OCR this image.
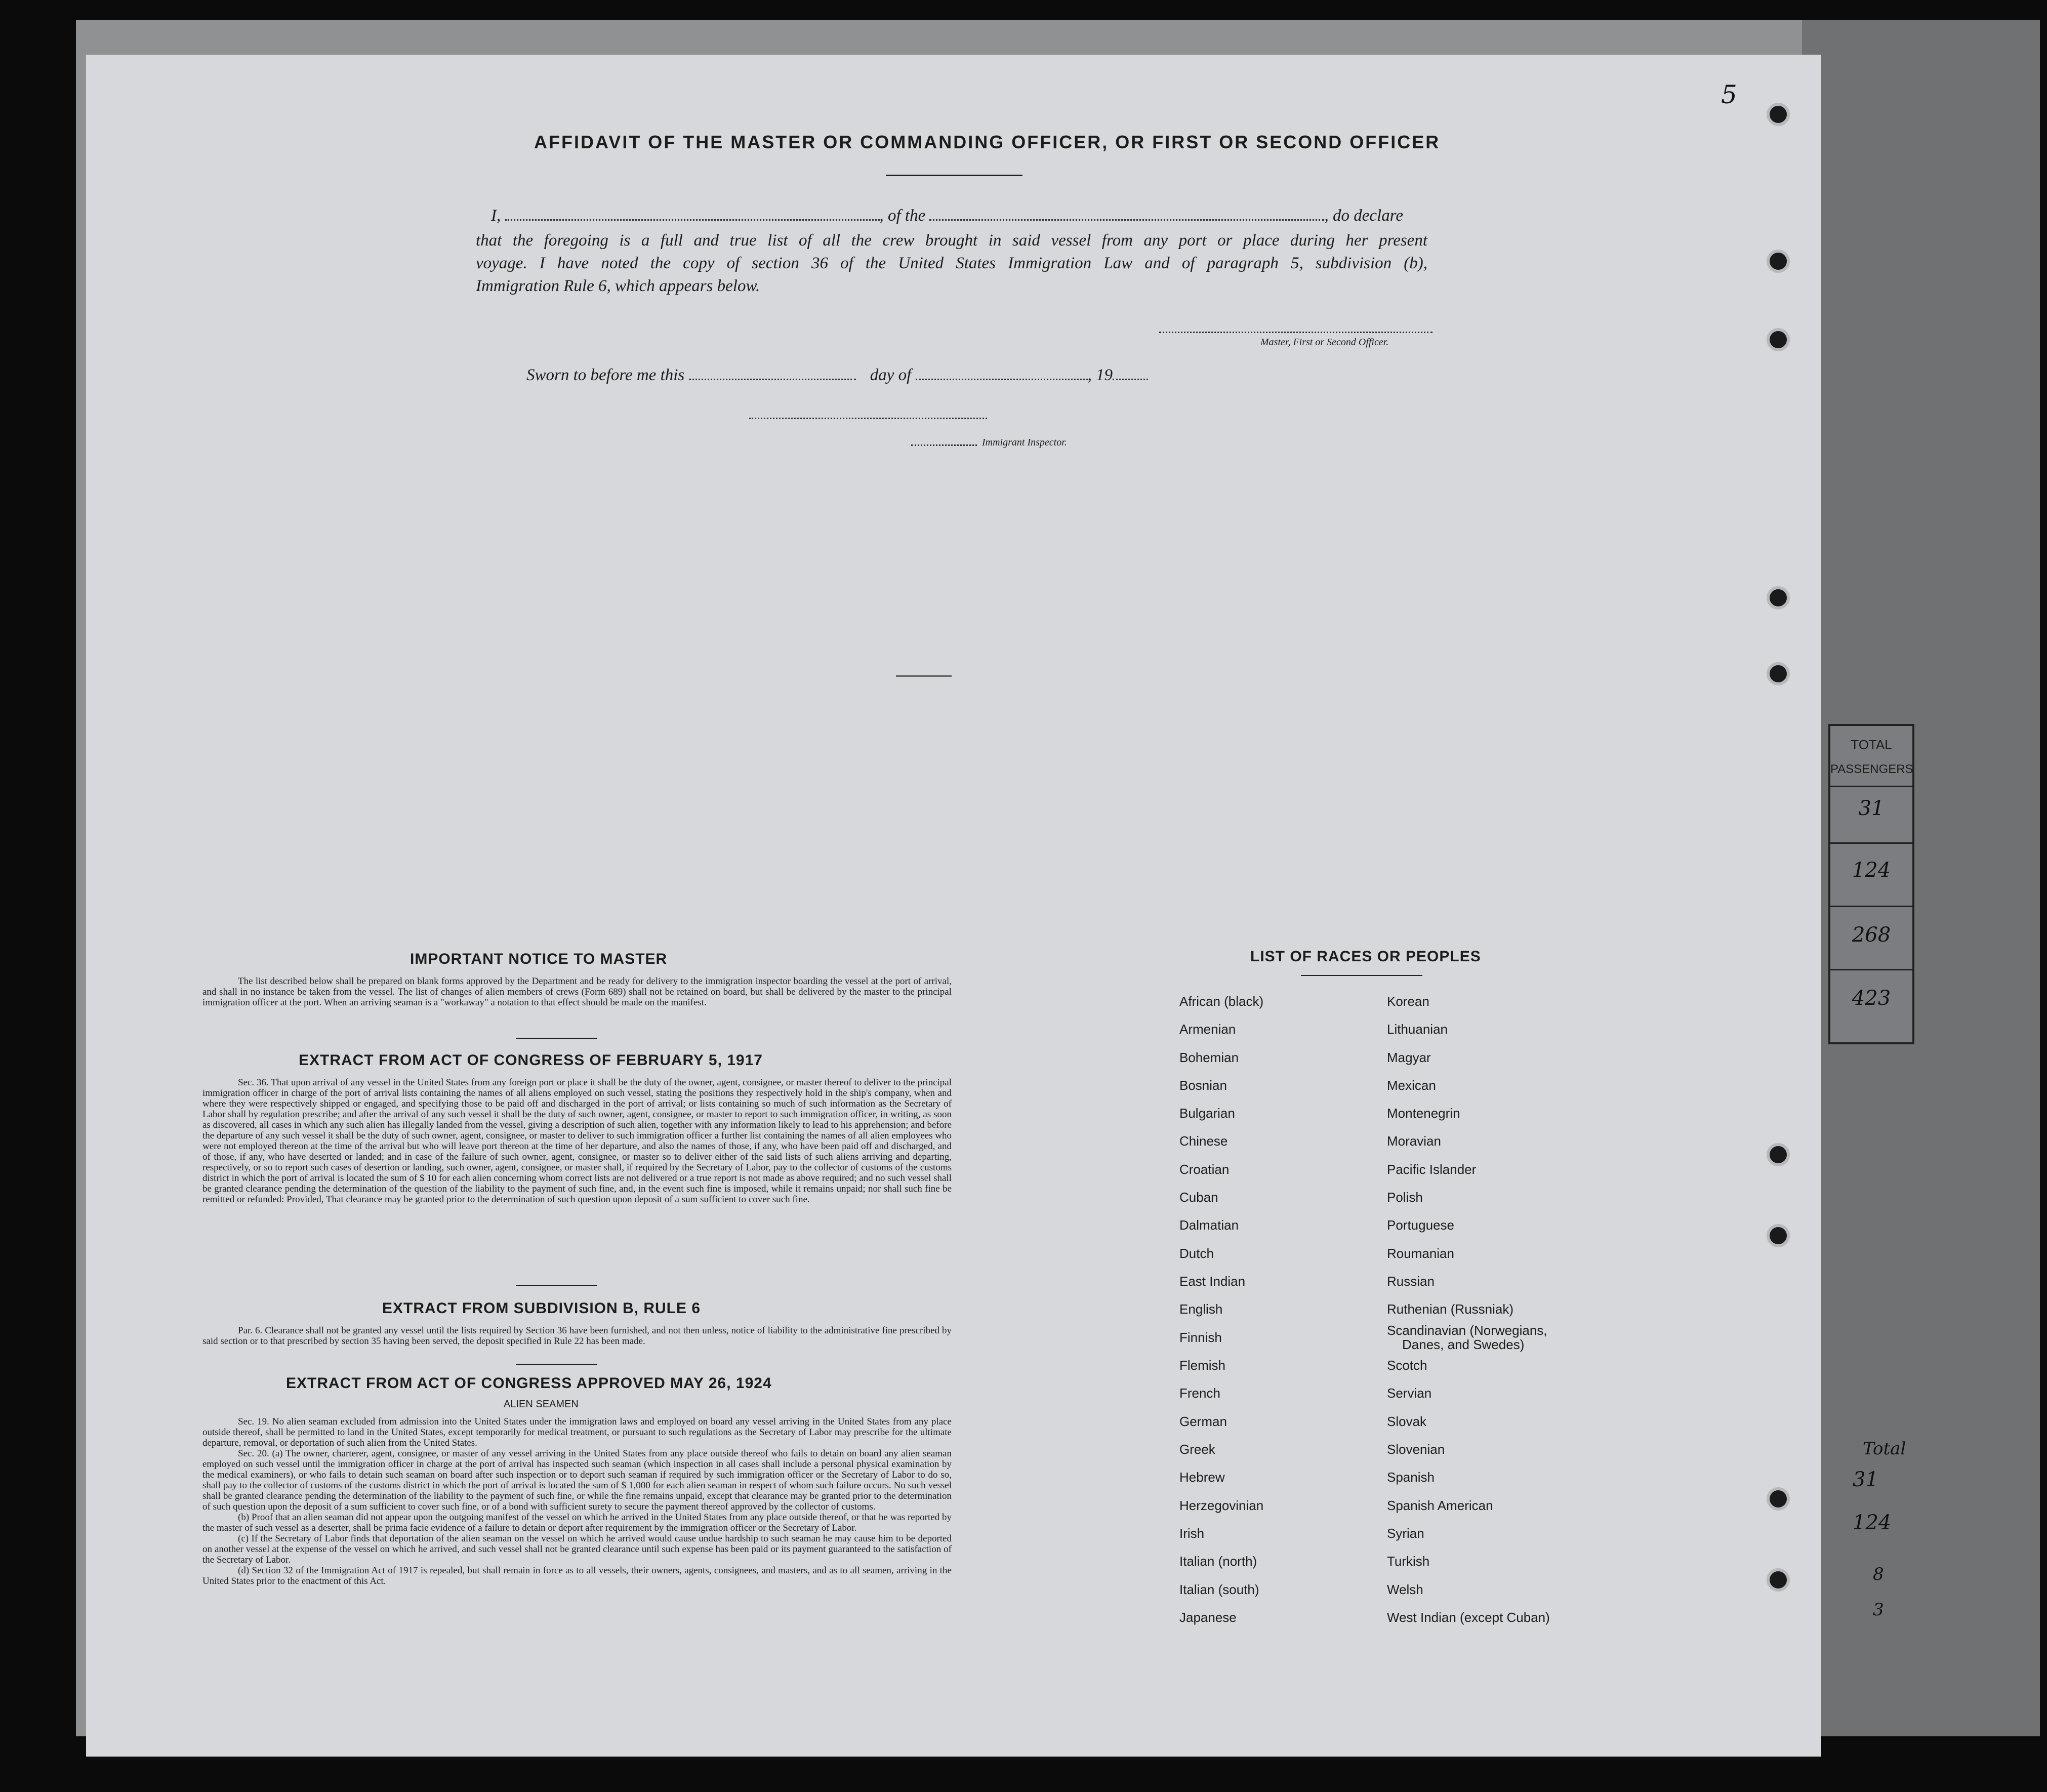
TOTAL
PASSENGERS
31
124
268
423
Total
31
124
8
3
5
AFFIDAVIT OF THE MASTER OR COMMANDING OFFICER, OR FIRST OR SECOND OFFICER
I,	, of the	, do declare
that the foregoing is a full and true list of all the crew brought in said vessel from any port or place during her present
voyage. I have noted the copy of section 36 of the United States Immigration Law and of paragraph 5, subdivision (b),
Immigration Rule 6, which appears below.
Master, First or Second Officer.
Sworn to before me this	day of	, 19
Immigrant Inspector.
IMPORTANT NOTICE TO MASTER

The list described below shall be prepared on blank forms approved by the Department and be ready for delivery to the immigration inspector boarding the vessel at the port of arrival, and shall in no instance be taken from the vessel. The list of changes of alien members of crews (Form 689) shall not be retained on board, but shall be delivered by the master to the principal immigration officer at the port. When an arriving seaman is a "workaway" a notation to that effect should be made on the manifest.

EXTRACT FROM ACT OF CONGRESS OF FEBRUARY 5, 1917

Sec. 36. That upon arrival of any vessel in the United States from any foreign port or place it shall be the duty of the owner, agent, consignee, or master thereof to deliver to the principal immigration officer in charge of the port of arrival lists containing the names of all aliens employed on such vessel, stating the positions they respectively hold in the ship's company, when and where they were respectively shipped or engaged, and specifying those to be paid off and discharged in the port of arrival; or lists containing so much of such information as the Secretary of Labor shall by regulation prescribe; and after the arrival of any such vessel it shall be the duty of such owner, agent, consignee, or master to report to such immigration officer, in writing, as soon as discovered, all cases in which any such alien has illegally landed from the vessel, giving a description of such alien, together with any information likely to lead to his apprehension; and before the departure of any such vessel it shall be the duty of such owner, agent, consignee, or master to deliver to such immigration officer a further list containing the names of all alien employees who were not employed thereon at the time of the arrival but who will leave port thereon at the time of her departure, and also the names of those, if any, who have been paid off and discharged, and of those, if any, who have deserted or landed; and in case of the failure of such owner, agent, consignee, or master so to deliver either of the said lists of such aliens arriving and departing, respectively, or so to report such cases of desertion or landing, such owner, agent, consignee, or master shall, if required by the Secretary of Labor, pay to the collector of customs of the customs district in which the port of arrival is located the sum of $ 10 for each alien concerning whom correct lists are not delivered or a true report is not made as above required; and no such vessel shall be granted clearance pending the determination of the question of the liability to the payment of such fine, and, in the event such fine is imposed, while it remains unpaid; nor shall such fine be remitted or refunded: Provided, That clearance may be granted prior to the determination of such question upon deposit of a sum sufficient to cover such fine.

EXTRACT FROM SUBDIVISION B, RULE 6

Par. 6. Clearance shall not be granted any vessel until the lists required by Section 36 have been furnished, and not then unless, notice of liability to the administrative fine prescribed by said section or to that prescribed by section 35 having been served, the deposit specified in Rule 22 has been made.

EXTRACT FROM ACT OF CONGRESS APPROVED MAY 26, 1924
ALIEN SEAMEN

Sec. 19. No alien seaman excluded from admission into the United States under the immigration laws and employed on board any vessel arriving in the United States from any place outside thereof, shall be permitted to land in the United States, except temporarily for medical treatment, or pursuant to such regulations as the Secretary of Labor may prescribe for the ultimate departure, removal, or deportation of such alien from the United States.

Sec. 20. (a) The owner, charterer, agent, consignee, or master of any vessel arriving in the United States from any place outside thereof who fails to detain on board any alien seaman employed on such vessel until the immigration officer in charge at the port of arrival has inspected such seaman (which inspection in all cases shall include a personal physical examination by the medical examiners), or who fails to detain such seaman on board after such inspection or to deport such seaman if required by such immigration officer or the Secretary of Labor to do so, shall pay to the collector of customs of the customs district in which the port of arrival is located the sum of $ 1,000 for each alien seaman in respect of whom such failure occurs. No such vessel shall be granted clearance pending the determination of the liability to the payment of such fine, or while the fine remains unpaid, except that clearance may be granted prior to the determination of such question upon the deposit of a sum sufficient to cover such fine, or of a bond with sufficient surety to secure the payment thereof approved by the collector of customs.

(b) Proof that an alien seaman did not appear upon the outgoing manifest of the vessel on which he arrived in the United States from any place outside thereof, or that he was reported by the master of such vessel as a deserter, shall be prima facie evidence of a failure to detain or deport after requirement by the immigration officer or the Secretary of Labor.

(c) If the Secretary of Labor finds that deportation of the alien seaman on the vessel on which he arrived would cause undue hardship to such seaman he may cause him to be deported on another vessel at the expense of the vessel on which he arrived, and such vessel shall not be granted clearance until such expense has been paid or its payment guaranteed to the satisfaction of the Secretary of Labor.

(d) Section 32 of the Immigration Act of 1917 is repealed, but shall remain in force as to all vessels, their owners, agents, consignees, and masters, and as to all seamen, arriving in the United States prior to the enactment of this Act.

LIST OF RACES OR PEOPLES
African (black)
Armenian
Bohemian
Bosnian
Bulgarian
Chinese
Croatian
Cuban
Dalmatian
Dutch
East Indian
English
Finnish
Flemish
French
German
Greek
Hebrew
Herzegovinian
Irish
Italian (north)
Italian (south)
Japanese
Korean
Lithuanian
Magyar
Mexican
Montenegrin
Moravian
Pacific Islander
Polish
Portuguese
Roumanian
Russian
Ruthenian (Russniak)
Scandinavian (Norwegians,
Danes, and Swedes)
Scotch
Servian
Slovak
Slovenian
Spanish
Spanish American
Syrian
Turkish
Welsh
West Indian (except Cuban)
